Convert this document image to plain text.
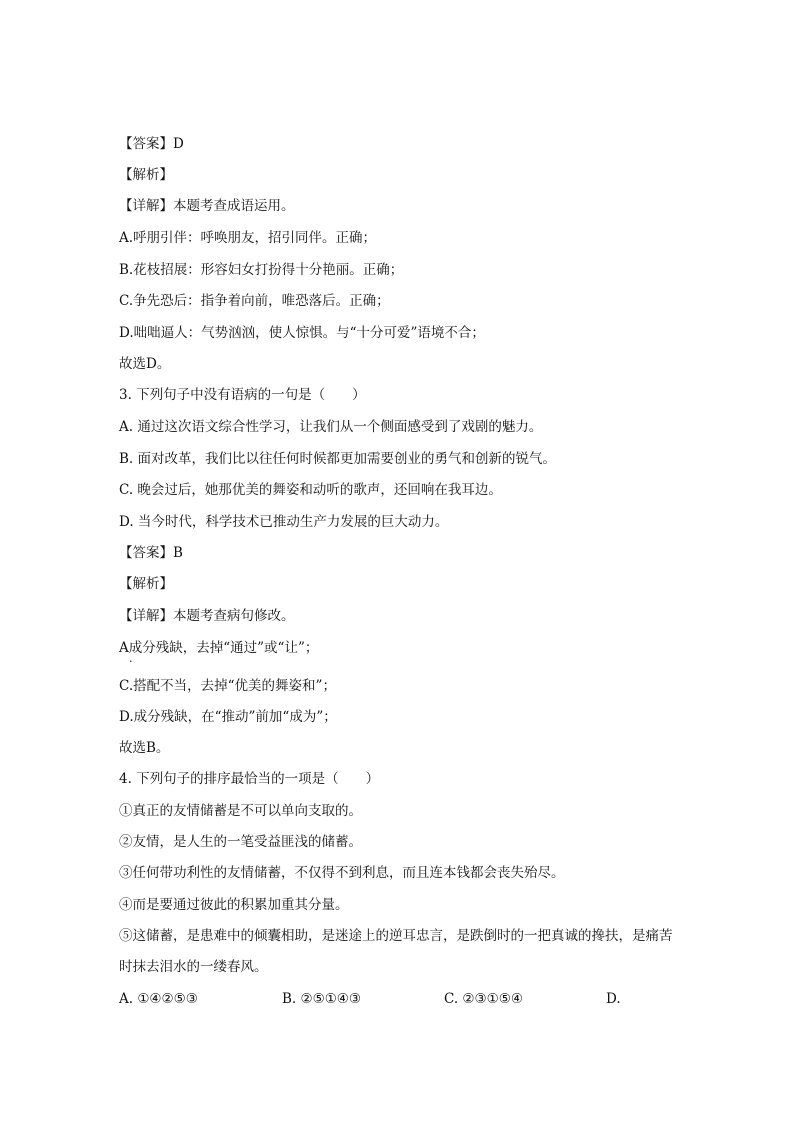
【答案】D
【解析】
【详解】本题考查成语运用。
A.呼朋引伴：呼唤朋友，招引同伴。正确；
B.花枝招展：形容妇女打扮得十分艳丽。正确；
C.争先恐后：指争着向前，唯恐落后。正确；
D.咄咄逼人：气势汹汹，使人惊惧。与“十分可爱”语境不合；
故选D。
3. 下列句子中没有语病的一句是（　　）
A. 通过这次语文综合性学习，让我们从一个侧面感受到了戏剧的魅力。
B. 面对改革，我们比以往任何时候都更加需要创业的勇气和创新的锐气。
C. 晚会过后，她那优美的舞姿和动听的歌声，还回响在我耳边。
D. 当今时代，科学技术已推动生产力发展的巨大动力。
【答案】B
【解析】
【详解】本题考查病句修改。
A成分残缺，去掉“通过”或“让”；
·
C.搭配不当，去掉“优美的舞姿和”；
D.成分残缺，在“推动”前加“成为”；
故选B。
4. 下列句子的排序最恰当的一项是（　　）
①真正的友情储蓄是不可以单向支取的。
②友情，是人生的一笔受益匪浅的储蓄。
③任何带功利性的友情储蓄，不仅得不到利息，而且连本钱都会丧失殆尽。
④而是要通过彼此的积累加重其分量。
⑤这储蓄，是患难中的倾囊相助，是迷途上的逆耳忠言，是跌倒时的一把真诚的搀扶，是痛苦时抹去泪水的一缕春风。
A. ①④②⑤③	B. ②⑤①④③	C. ②③①⑤④	D.
